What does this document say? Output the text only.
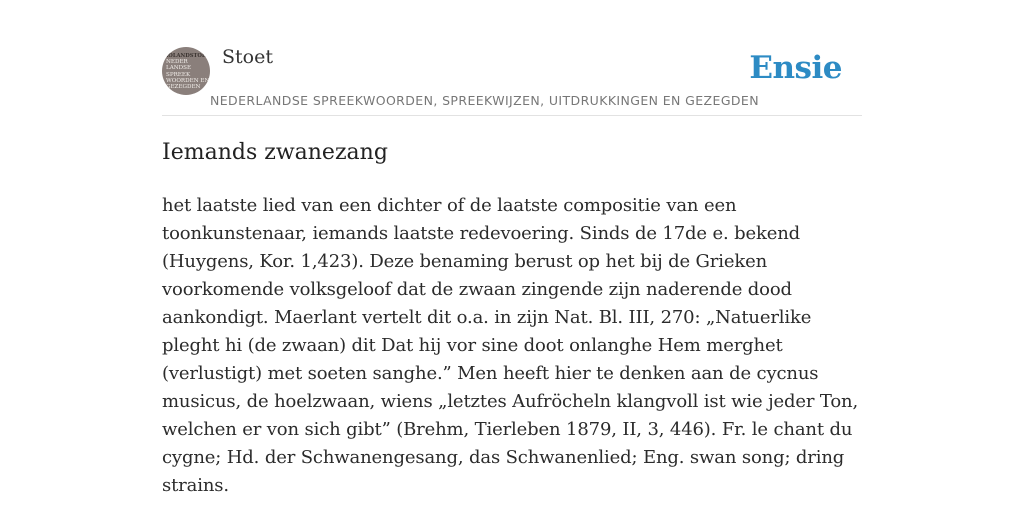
ROLANDSTOET
NEDER
LANDSE
SPREEK
WOORDEN EN
GEZEGDEN
Stoet	Ensie
NEDERLANDSE SPREEKWOORDEN, SPREEKWIJZEN, UITDRUKKINGEN EN GEZEGDEN
Iemands zwanezang

het laatste lied van een dichter of de laatste compositie van een toonkunstenaar, iemands laatste redevoering. Sinds de 17de e. bekend (Huygens, Kor. 1,423). Deze benaming berust op het bij de Grieken voorkomende volksgeloof dat de zwaan zingende zijn naderende dood aankondigt. Maerlant vertelt dit o.a. in zijn Nat. Bl. III, 270: „Natuerlike pleght hi (de zwaan) dit Dat hij vor sine doot onlanghe Hem merghet (verlustigt) met soeten sanghe.” Men heeft hier te denken aan de cycnus musicus, de hoelzwaan, wiens „letztes Aufröcheln klangvoll ist wie jeder Ton, welchen er von sich gibt” (Brehm, Tierleben 1879, II, 3, 446). Fr. le chant du cygne; Hd. der Schwanengesang, das Schwanenlied; Eng. swan song; dring strains.
